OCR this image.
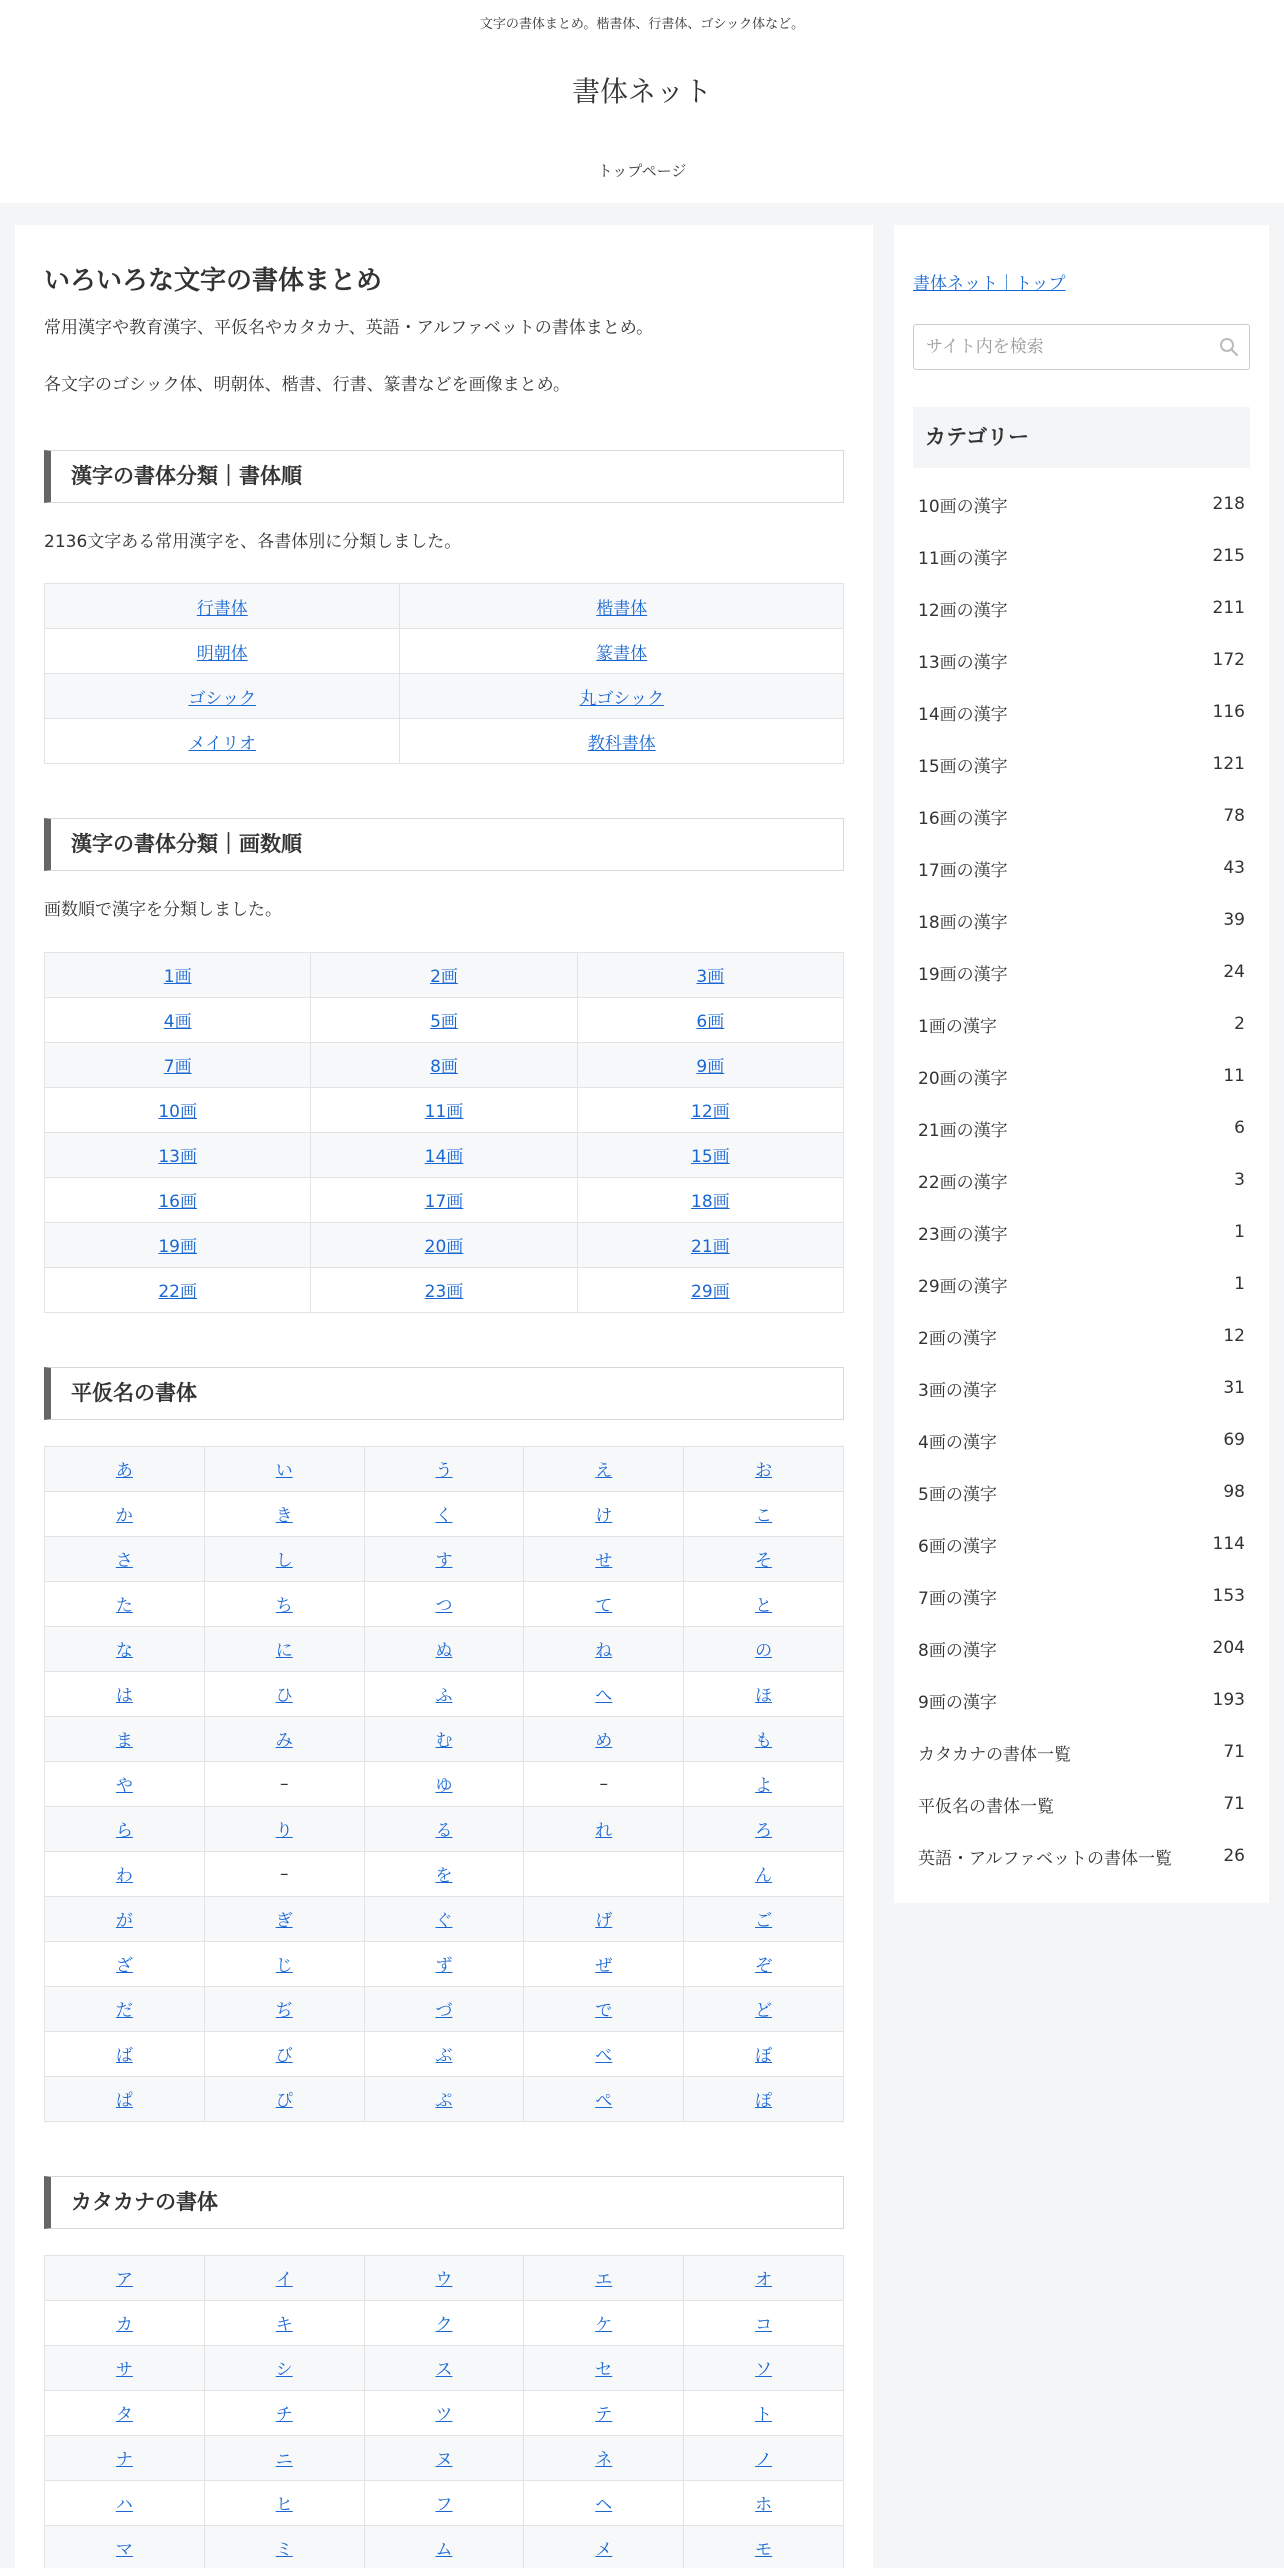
文字の書体まとめ。楷書体、行書体、ゴシック体など。
書体ネット
トップページ
いろいろな文字の書体まとめ

常用漢字や教育漢字、平仮名やカタカナ、英語・アルファベットの書体まとめ。

各文字のゴシック体、明朝体、楷書、行書、篆書などを画像まとめ。

漢字の書体分類｜書体順

2136文字ある常用漢字を、各書体別に分類しました。

行書体	楷書体
明朝体	篆書体
ゴシック	丸ゴシック
メイリオ	教科書体
漢字の書体分類｜画数順

画数順で漢字を分類しました。

1画	2画	3画
4画	5画	6画
7画	8画	9画
10画	11画	12画
13画	14画	15画
16画	17画	18画
19画	20画	21画
22画	23画	29画
平仮名の書体
あ	い	う	え	お
か	き	く	け	こ
さ	し	す	せ	そ
た	ち	つ	て	と
な	に	ぬ	ね	の
は	ひ	ふ	へ	ほ
ま	み	む	め	も
や	–	ゆ	–	よ
ら	り	る	れ	ろ
わ	–	を		ん
が	ぎ	ぐ	げ	ご
ざ	じ	ず	ぜ	ぞ
だ	ぢ	づ	で	ど
ば	び	ぶ	べ	ぼ
ぱ	ぴ	ぷ	ぺ	ぽ
カタカナの書体
ア	イ	ウ	エ	オ
カ	キ	ク	ケ	コ
サ	シ	ス	セ	ソ
タ	チ	ツ	テ	ト
ナ	ニ	ヌ	ネ	ノ
ハ	ヒ	フ	ヘ	ホ
マ	ミ	ム	メ	モ
書体ネット｜トップ
サイト内を検索
カテゴリー
10画の漢字	218
11画の漢字	215
12画の漢字	211
13画の漢字	172
14画の漢字	116
15画の漢字	121
16画の漢字	78
17画の漢字	43
18画の漢字	39
19画の漢字	24
1画の漢字	2
20画の漢字	11
21画の漢字	6
22画の漢字	3
23画の漢字	1
29画の漢字	1
2画の漢字	12
3画の漢字	31
4画の漢字	69
5画の漢字	98
6画の漢字	114
7画の漢字	153
8画の漢字	204
9画の漢字	193
カタカナの書体一覧	71
平仮名の書体一覧	71
英語・アルファベットの書体一覧	26
